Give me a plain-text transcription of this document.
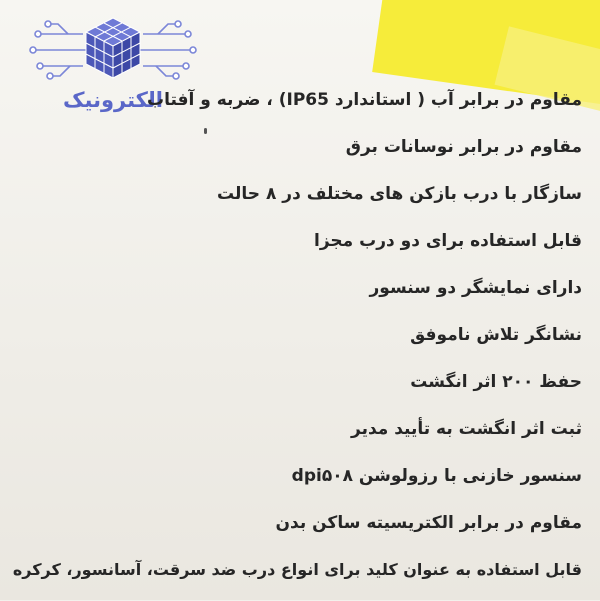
الکترونیک
مقاوم در برابر آب ( استاندارد IP65) ، ضربه و آفتاب
مقاوم در برابر نوسانات برق
سازگار با درب بازکن های مختلف در ۸ حالت
قابل استفاده برای دو درب مجزا
دارای نمایشگر دو سنسور
نشانگر تلاش ناموفق
حفظ ۲۰۰ اثر انگشت
ثبت اثر انگشت به تأیید مدیر
سنسور خازنی با رزولوشن dpi۵۰۸
مقاوم در برابر الکتریسیته ساکن بدن
قابل استفاده به عنوان کلید برای انواع درب ضد سرقت، آسانسور، کرکره
